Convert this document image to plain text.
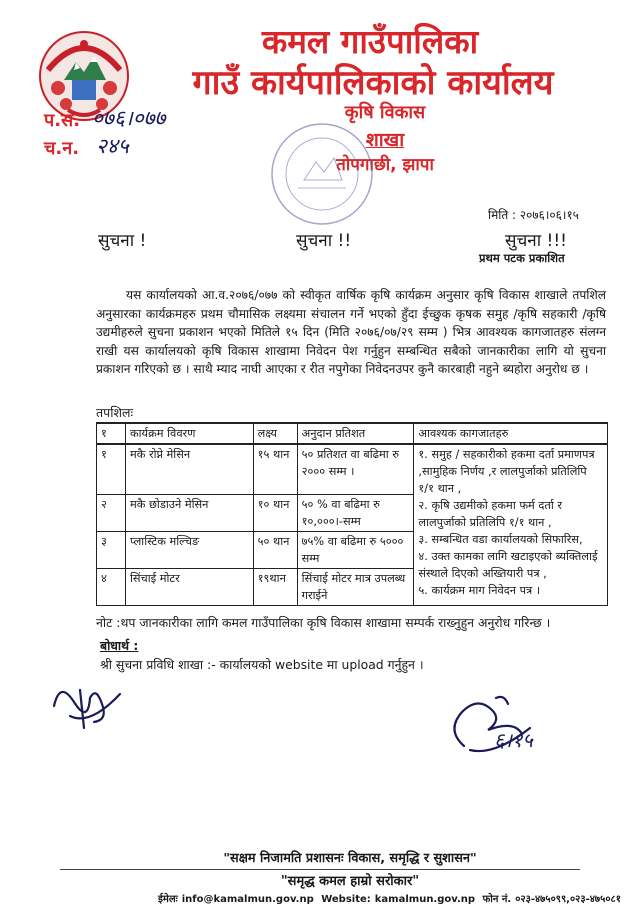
कमल गाउँपालिका
गाउँ कार्यपालिकाको कार्यालय
कृषि विकास
शाखा
तोपगाछी, झापा
प.स. ०७६।०७७
च.न. २४५
मिति : २०७६।०६।१५
सुचना !	सुचना !!	सुचना !!!
प्रथम पटक प्रकाशित

यस कार्यालयको आ.व.२०७६/०७७ को स्वीकृत वार्षिक कृषि कार्यक्रम अनुसार कृषि विकास शाखाले तपशिल अनुसारका कार्यक्रमहरु प्रथम चौमासिक लक्ष्यमा संचालन गर्ने भएको हुँदा ईच्छुक कृषक समुह /कृषि सहकारी /कृषि उद्यमीहरुले सुचना प्रकाशन भएको मितिले १५ दिन (मिति २०७६/०७/२९ सम्म ) भित्र आवश्यक कागजातहरु संलग्न राखी यस कार्यालयको कृषि विकास शाखामा निवेदन पेश गर्नुहुन सम्बन्धित सबैको जानकारीका लागि यो सुचना प्रकाशन गरिएको छ । साथै म्याद नाघी आएका र रीत नपुगेका निवेदनउपर कुनै कारबाही नहुने ब्यहोरा अनुरोध छ ।

तपशिलः
१	कार्यक्रम विवरण	लक्ष्य	अनुदान प्रतिशत	आवश्यक कागजातहरु
१	मकै रोप्ने मेसिन	१५ थान	५० प्रतिशत वा बढिमा रु २००० सम्म ।	१. समुह / सहकारीको हकमा दर्ता प्रमाणपत्र ,सामुहिक निर्णय ,र लालपुर्जाको प्रतिलिपि १/१ थान ,
२. कृषि उद्यमीको हकमा फर्म दर्ता र लालपुर्जाको प्रतिलिपि १/१ थान ,
३. सम्बन्धित वडा कार्यालयको सिफारिस,
४. उक्त कामका लागि खटाइएको ब्यक्तिलाई संस्थाले दिएको अख्तियारी पत्र ,
५. कार्यक्रम माग निवेदन पत्र ।

२	मकै छोडाउने मेसिन	१० थान	५० % वा बढिमा रु १०,०००।-सम्म	
३	प्लास्टिक मल्चिङ	५० थान	७५% वा बढिमा रु ५००० सम्म	
४	सिंचाई मोटर	१९थान	सिंचाई मोटर मात्र उपलब्ध गराईने	
नोट :थप जानकारीका लागि कमल गाउँपालिका कृषि विकास शाखामा सम्पर्क राख्नुहुन अनुरोध गरिन्छ ।
बोधार्थ :
श्री सुचना प्रविधि शाखा :- कार्यालयको website मा upload गर्नुहुन ।
६।१५
"सक्षम निजामति प्रशासनः विकास, समृद्धि र सुशासन"
"समृद्ध कमल हाम्रो सरोकार"
ईमेलः info@kamalmun.gov.np Website: kamalmun.gov.np फोन नं. ०२३-४७५०९९,०२३-४७५०८१
